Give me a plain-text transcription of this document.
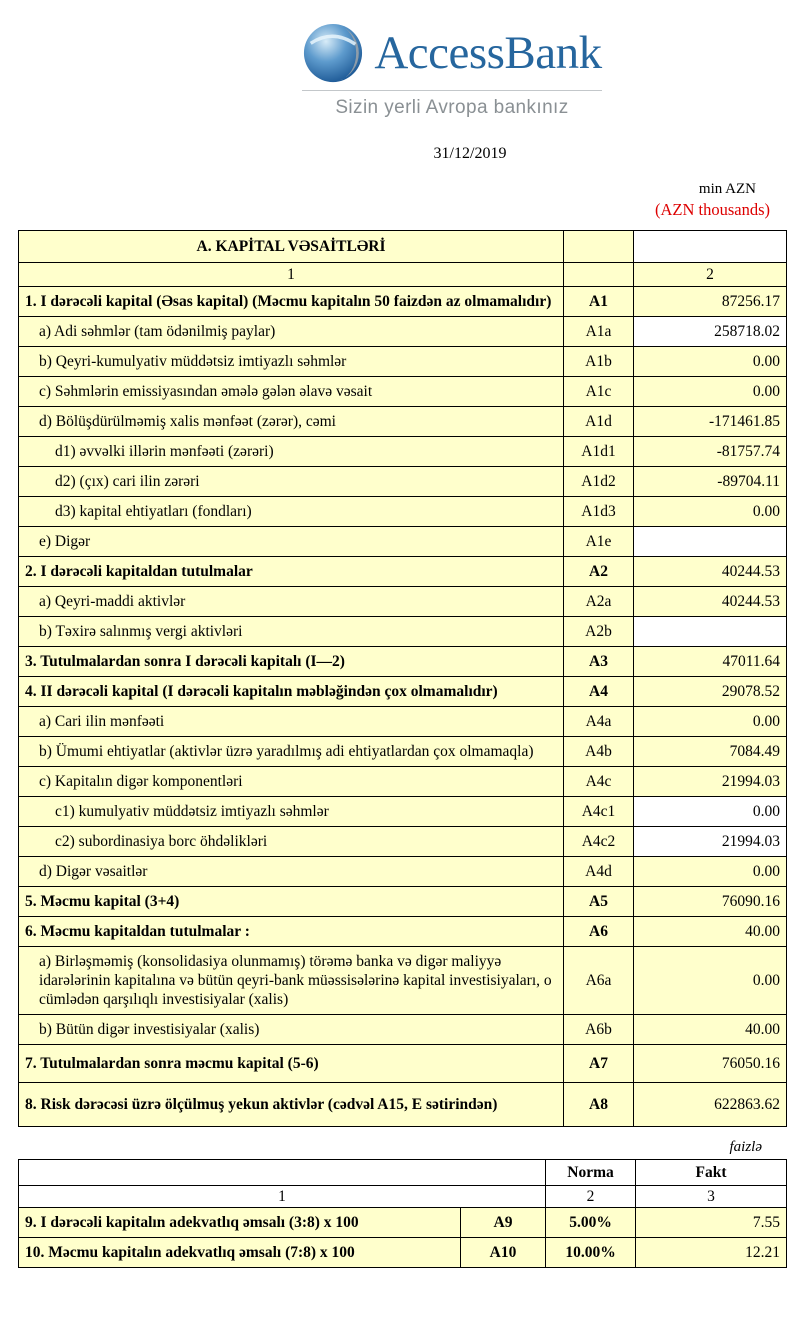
AccessBank
Sizin yerli Avropa bankınız
31/12/2019
min AZN
(AZN thousands)
A. KAPİTAL VƏSAİTLƏRİ		
1		2
1. I dərəcəli kapital (Əsas kapital) (Məcmu kapitalın 50 faizdən az olmamalıdır)	A1	87256.17
a) Adi səhmlər (tam ödənilmiş paylar)	A1a	258718.02
b) Qeyri-kumulyativ müddətsiz imtiyazlı səhmlər	A1b	0.00
c) Səhmlərin emissiyasından əmələ gələn əlavə vəsait	A1c	0.00
d) Bölüşdürülməmiş xalis mənfəət (zərər), cəmi	A1d	-171461.85
d1) əvvəlki illərin mənfəəti (zərəri)	A1d1	-81757.74
d2) (çıx) cari ilin zərəri	A1d2	-89704.11
d3) kapital ehtiyatları (fondları)	A1d3	0.00
e) Digər	A1e	
2. I dərəcəli kapitaldan tutulmalar	A2	40244.53
a) Qeyri-maddi aktivlər	A2a	40244.53
b) Təxirə salınmış vergi aktivləri	A2b	
3. Tutulmalardan sonra I dərəcəli kapitalı (I—2)	A3	47011.64
4. II dərəcəli kapital (I dərəcəli kapitalın məbləğindən çox olmamalıdır)	A4	29078.52
a) Cari ilin mənfəəti	A4a	0.00
b) Ümumi ehtiyatlar (aktivlər üzrə yaradılmış adi ehtiyatlardan çox olmamaqla)	A4b	7084.49
c) Kapitalın digər komponentləri	A4c	21994.03
c1) kumulyativ müddətsiz imtiyazlı səhmlər	A4c1	0.00
c2) subordinasiya borc öhdəlikləri	A4c2	21994.03
d) Digər vəsaitlər	A4d	0.00
5. Məcmu kapital (3+4)	A5	76090.16
6. Məcmu kapitaldan tutulmalar :	A6	40.00
a) Birləşməmiş (konsolidasiya olunmamış) törəmə banka və digər maliyyə idarələrinin kapitalına və bütün qeyri-bank müəssisələrinə kapital investisiyaları, o cümlədən qarşılıqlı investisiyalar (xalis)	A6a	0.00
b) Bütün digər investisiyalar (xalis)	A6b	40.00
7. Tutulmalardan sonra məcmu kapital (5-6)	A7	76050.16
8. Risk dərəcəsi üzrə ölçülmuş yekun aktivlər (cədvəl A15, E sətirindən)	A8	622863.62
faizlə
		Norma	Fakt
1		2	3
9. I dərəcəli kapitalın adekvatlıq əmsalı (3:8) x 100	A9	5.00%	7.55
10. Məcmu kapitalın adekvatlıq əmsalı (7:8) x 100	A10	10.00%	12.21
